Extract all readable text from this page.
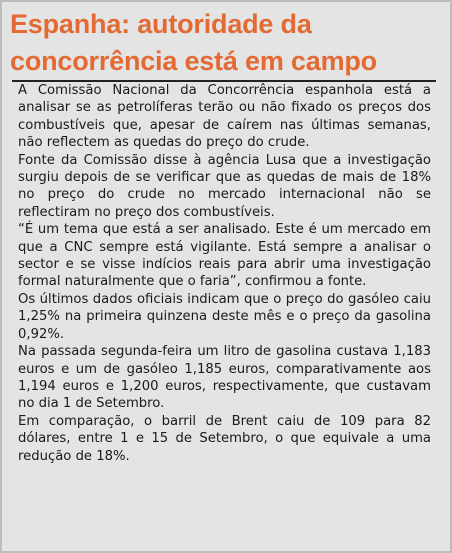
Espanha: autoridade da
concorrência está em campo

A Comissão Nacional da Concorrência espanhola está a analisar se as petrolíferas terão ou não fixado os preços dos combustíveis que, apesar de caírem nas últimas semanas, não reflectem as quedas do preço do crude.

Fonte da Comissão disse à agência Lusa que a investigação surgiu depois de se verificar que as quedas de mais de 18% no preço do crude no mercado internacional não se reflectiram no preço dos combustíveis.

“É um tema que está a ser analisado. Este é um mercado em que a CNC sempre está vigilante. Está sempre a analisar o sector e se visse indícios reais para abrir uma investigação formal naturalmente que o faria”, confirmou a fonte.

Os últimos dados oficiais indicam que o preço do gasóleo caiu 1,25% na primeira quinzena deste mês e o preço da gasolina 0,92%.

Na passada segunda-feira um litro de gasolina custava 1,183 euros e um de gasóleo 1,185 euros, comparativamente aos 1,194 euros e 1,200 euros, respectivamente, que custavam no dia 1 de Setembro.

Em comparação, o barril de Brent caiu de 109 para 82 dólares, entre 1 e 15 de Setembro, o que equivale a uma redução de 18%.
